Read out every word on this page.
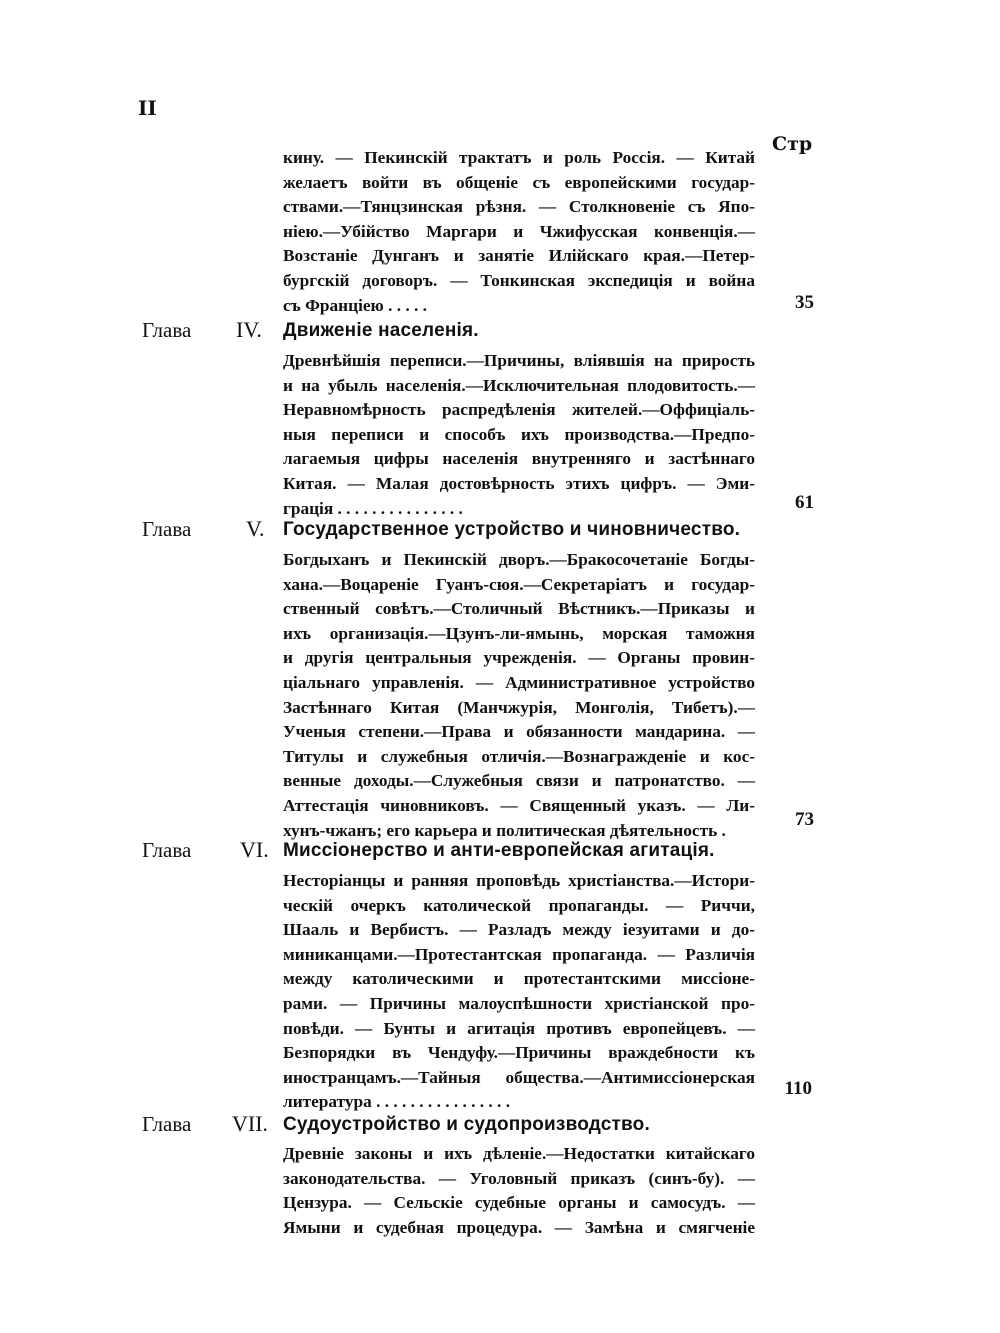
II
Стр
кину. — Пекинскій трактатъ и роль Россія. — Китай
желаетъ войти въ общеніе съ европейскими государ-
ствами.—Тянцзинская рѣзня. — Столкновеніе съ Япо-
ніею.—Убійство Маргари и Чжифусская конвенція.—
Возстаніе Дунганъ и занятіе Илійскаго края.—Петер-
бургскій договоръ. — Тонкинская экспедиція и война
съ Франціею . . . . .	35
Глава IV. Движеніе населенія.
Древнѣйшія переписи.—Причины, вліявшія на прирость
и на убыль населенія.—Исключительная плодовитость.—
Неравномѣрность распредѣленія жителей.—Оффиціаль-
ныя переписи и способъ ихъ производства.—Предпо-
лагаемыя цифры населенія внутренняго и застѣннаго
Китая. — Малая достовѣрность этихъ цифръ. — Эми-
грація . . . . . . . . . . . . . . .	61
Глава V. Государственное устройство и чиновничество.
Богдыханъ и Пекинскій дворъ.—Бракосочетаніе Богды-
хана.—Воцареніе Гуанъ-сюя.—Секретаріатъ и государ-
ственный совѣтъ.—Столичный Вѣстникъ.—Приказы и
ихъ организація.—Цзунъ-ли-ямынь, морская таможня
и другія центральныя учрежденія. — Органы провин-
ціальнаго управленія. — Административное устройство
Застѣннаго Китая (Манчжурія, Монголія, Тибетъ).—
Ученыя степени.—Права и обязанности мандарина. —
Титулы и служебныя отличія.—Вознагражденіе и кос-
венные доходы.—Служебныя связи и патронатство. —
Аттестація чиновниковъ. — Священный указъ. — Ли-
хунъ-чжанъ; его карьера и политическая дѣятельность .
73
Глава VI. Миссіонерство и анти-европейская агитація.
Несторіанцы и ранняя проповѣдь христіанства.—Истори-
ческій очеркъ католической пропаганды. — Риччи,
Шааль и Вербистъ. — Разладъ между іезуитами и до-
миниканцами.—Протестантская пропаганда. — Различія
между католическими и протестантскими миссіоне-
рами. — Причины малоуспѣшности христіанской про-
повѣди. — Бунты и агитація противъ европейцевъ. —
Безпорядки въ Чендуфу.—Причины враждебности къ
иностранцамъ.—Тайныя общества.—Антимиссіонерская
литература . . . . . . . . . . . . . . . .
110
Глава VII. Судоустройство и судопроизводство.
Древніе законы и ихъ дѣленіе.—Недостатки китайскаго
законодательства. — Уголовный приказъ (синъ-бу). —
Цензура. — Сельскіе судебные органы и самосудъ. —
Ямыни и судебная процедура. — Замѣна и смягченіе
